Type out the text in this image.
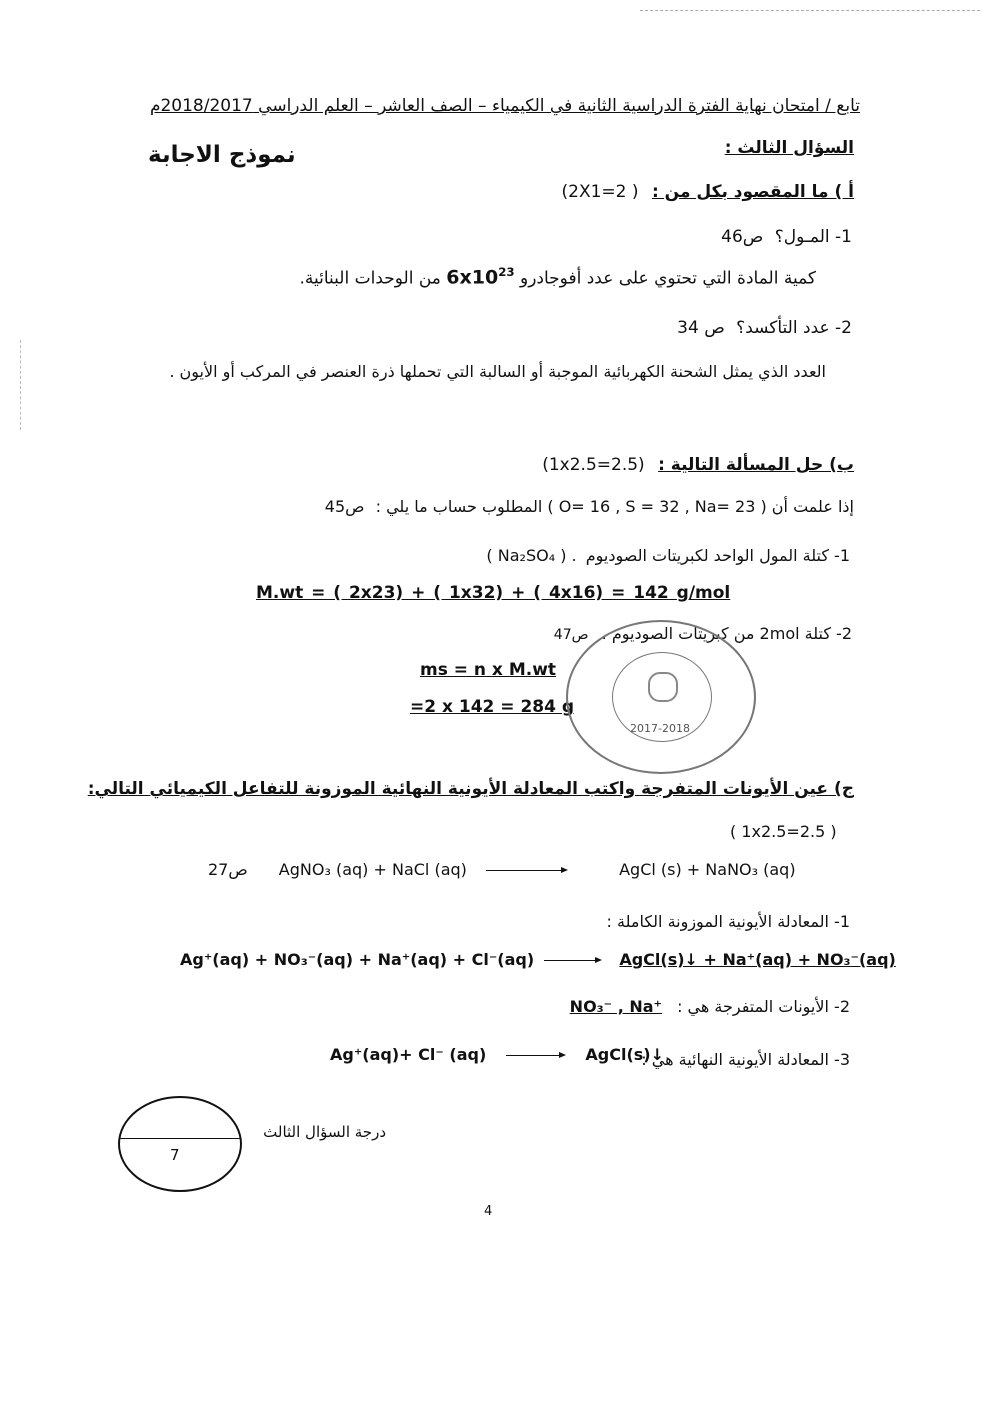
تابع / امتحان نهاية الفترة الدراسية الثانية في الكيمياء – الصف العاشر – العلم الدراسي 2018/2017م
السؤال الثالث :
نموذج الاجابة
أ ) ما المقصود بكل من : (2X1=2 )
1- المـول؟ ص46
كمية المادة التي تحتوي على عدد أفوجادرو $6x10^{23}$ من الوحدات البنائية.
2- عدد التأكسد؟ ص 34
العدد الذي يمثل الشحنة الكهربائية الموجبة أو السالبة التي تحملها ذرة العنصر في المركب أو الأيون .
ب) حل المسألة التالية : (1x2.5=2.5)
إذا علمت أن ( O= 16 , S = 32 , Na= 23 ) المطلوب حساب ما يلي : ص45
1- كتلة المول الواحد لكبريتات الصوديوم ( Na₂SO₄ ) .
M.wt = ( 2x23) + ( 1x32) + ( 4x16) = 142 g/mol
2- كتلة 2mol من كبريتات الصوديوم . ص47
ms = n x M.wt
=2 x 142 = 284 g
2017-2018
ج) عين الأيونات المتفرجة واكتب المعادلة الأيونية النهائية الموزونة للتفاعل الكيميائي التالي:
( 1x2.5=2.5 )
ص27 AgNO₃ (aq) + NaCl (aq)	AgCl (s) + NaNO₃ (aq)
1- المعادلة الأيونية الموزونة الكاملة :
Ag⁺(aq) + NO₃⁻(aq) + Na⁺(aq) + Cl⁻(aq)	AgCl(s)↓ + Na⁺(aq) + NO₃⁻(aq)
2- الأيونات المتفرجة هي : NO₃⁻ , Na⁺
Ag⁺(aq)+ Cl⁻ (aq)	AgCl(s)↓
3- المعادلة الأيونية النهائية هي :
7
درجة السؤال الثالث
4
